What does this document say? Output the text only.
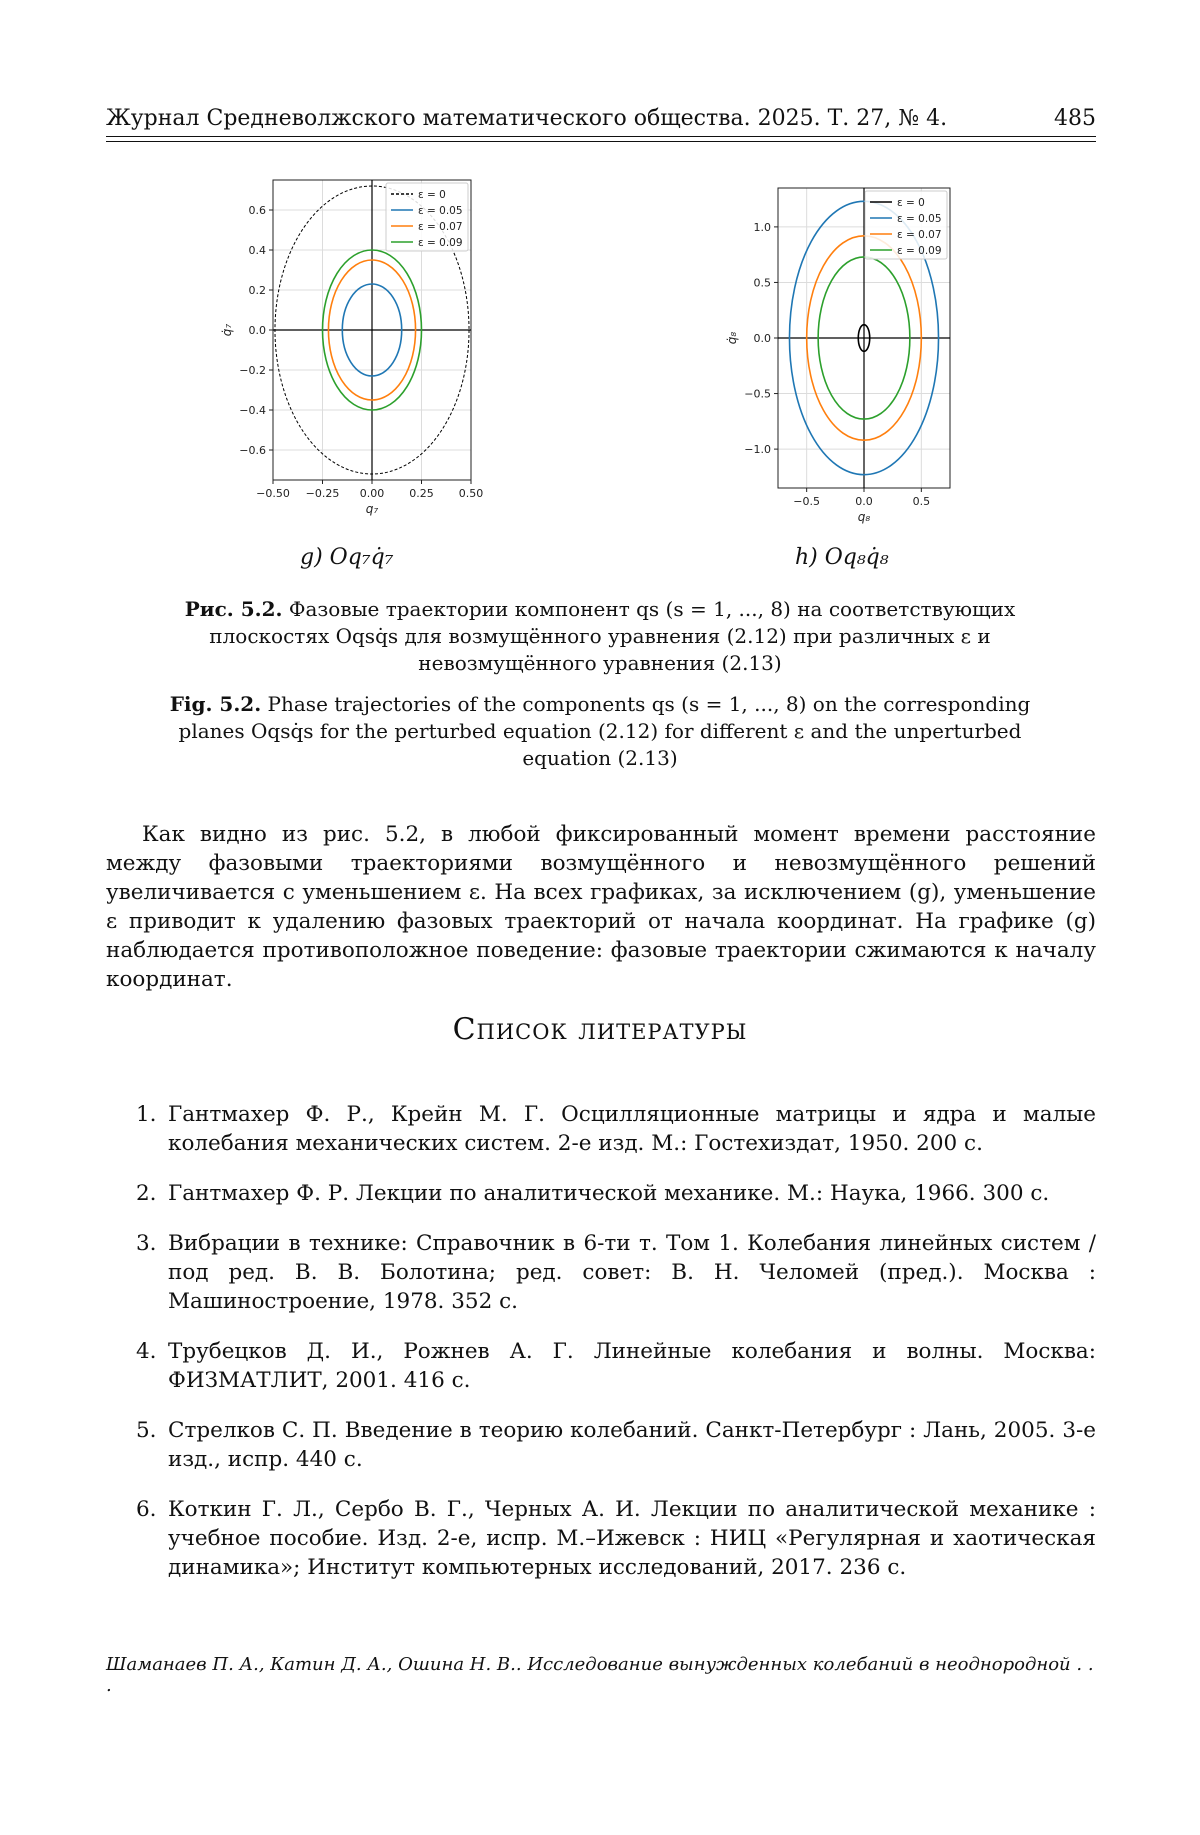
Журнал Средневолжского математического общества. 2025. Т. 27, № 4.	485
−0.50 −0.25 0.00 0.25 0.50
0.6
0.4
0.2
0.0
−0.2
−0.4
−0.6
q₇
q̇₇
ε = 0
ε = 0.05
ε = 0.07
ε = 0.09
g) Oq₇q̇₇
−0.5	0.0	0.5
1.0
0.5
0.0
−0.5
−1.0
q₈
q̇₈
ε = 0
ε = 0.05
ε = 0.07
ε = 0.09
h) Oq₈q̇₈
Рис. 5.2. Фазовые траектории компонент qs (s = 1, ..., 8) на соответствующих плоскостях Oqsq̇s для возмущённого уравнения (2.12) при различных ε и невозмущённого уравнения (2.13)
Fig. 5.2. Phase trajectories of the components qs (s = 1, ..., 8) on the corresponding planes Oqsq̇s for the perturbed equation (2.12) for different ε and the unperturbed equation (2.13)
Как видно из рис. 5.2, в любой фиксированный момент времени расстояние между фазовыми траекториями возмущённого и невозмущённого решений увеличивается с уменьшением ε. На всех графиках, за исключением (g), уменьшение ε приводит к удалению фазовых траекторий от начала координат. На графике (g) наблюдается противоположное поведение: фазовые траектории сжимаются к началу координат.
Список литературы
1. Гантмахер Ф. Р., Крейн М. Г. Осцилляционные матрицы и ядра и малые колебания механических систем. 2-е изд. М.: Гостехиздат, 1950. 200 с.
2. Гантмахер Ф. Р. Лекции по аналитической механике. М.: Наука, 1966. 300 с.
3. Вибрации в технике: Справочник в 6-ти т. Том 1. Колебания линейных систем / под ред. В. В. Болотина; ред. совет: В. Н. Челомей (пред.). Москва : Машиностроение, 1978. 352 с.
4. Трубецков Д. И., Рожнев А. Г. Линейные колебания и волны. Москва: ФИЗМАТЛИТ, 2001. 416 с.
5. Стрелков С. П. Введение в теорию колебаний. Санкт-Петербург : Лань, 2005. 3-е изд., испр. 440 с.
6. Коткин Г. Л., Сербо В. Г., Черных А. И. Лекции по аналитической механике : учебное пособие. Изд. 2-е, испр. М.–Ижевск : НИЦ «Регулярная и хаотическая динамика»; Институт компьютерных исследований, 2017. 236 с.
Шаманаев П. А., Катин Д. А., Ошина Н. В.. Исследование вынужденных колебаний в неоднородной . . .
